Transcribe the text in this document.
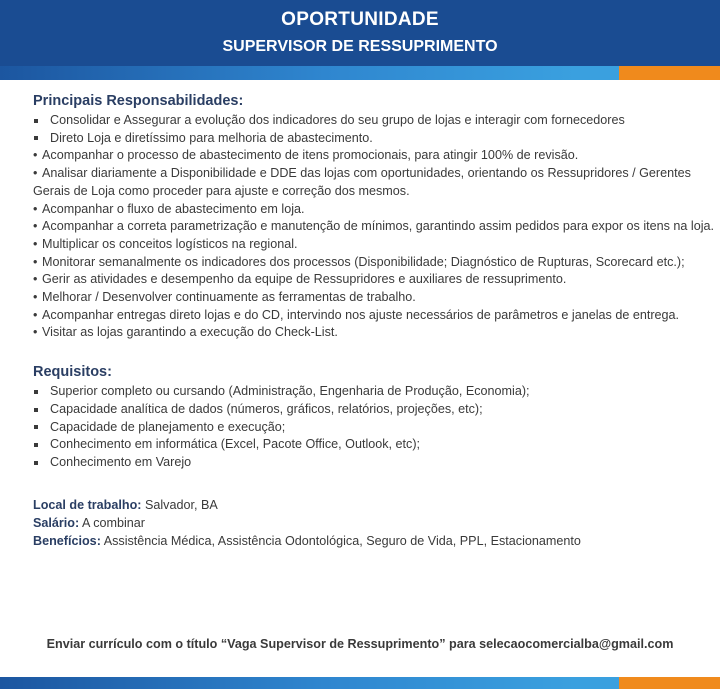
OPORTUNIDADE
SUPERVISOR DE RESSUPRIMENTO
Principais Responsabilidades:
Consolidar e Assegurar a evolução dos indicadores do seu grupo de lojas e interagir com fornecedores
Direto Loja e diretíssimo para melhoria de abastecimento.
•Acompanhar o processo de abastecimento de itens promocionais, para atingir 100% de revisão.
•Analisar diariamente a Disponibilidade e DDE das lojas com oportunidades, orientando os Ressupridores / Gerentes Gerais de Loja como proceder para ajuste e correção dos mesmos.
•Acompanhar o fluxo de abastecimento em loja.
•Acompanhar a correta parametrização e manutenção de mínimos, garantindo assim pedidos para expor os itens na loja.
•Multiplicar os conceitos logísticos na regional.
•Monitorar semanalmente os indicadores dos processos (Disponibilidade; Diagnóstico de Rupturas, Scorecard etc.);
•Gerir as atividades e desempenho da equipe de Ressupridores e auxiliares de ressuprimento.
•Melhorar / Desenvolver continuamente as ferramentas de trabalho.
•Acompanhar entregas direto lojas e do CD, intervindo nos ajuste necessários de parâmetros e janelas de entrega.
•Visitar as lojas garantindo a execução do Check-List.
Requisitos:
Superior completo ou cursando (Administração, Engenharia de Produção, Economia);
Capacidade analítica de dados (números, gráficos, relatórios, projeções, etc);
Capacidade de planejamento e execução;
Conhecimento em informática (Excel, Pacote Office, Outlook, etc);
Conhecimento em Varejo
Local de trabalho: Salvador, BA
Salário: A combinar
Benefícios: Assistência Médica, Assistência Odontológica, Seguro de Vida, PPL, Estacionamento
Enviar currículo com o título “Vaga Supervisor de Ressuprimento” para selecaocomercialba@gmail.com
